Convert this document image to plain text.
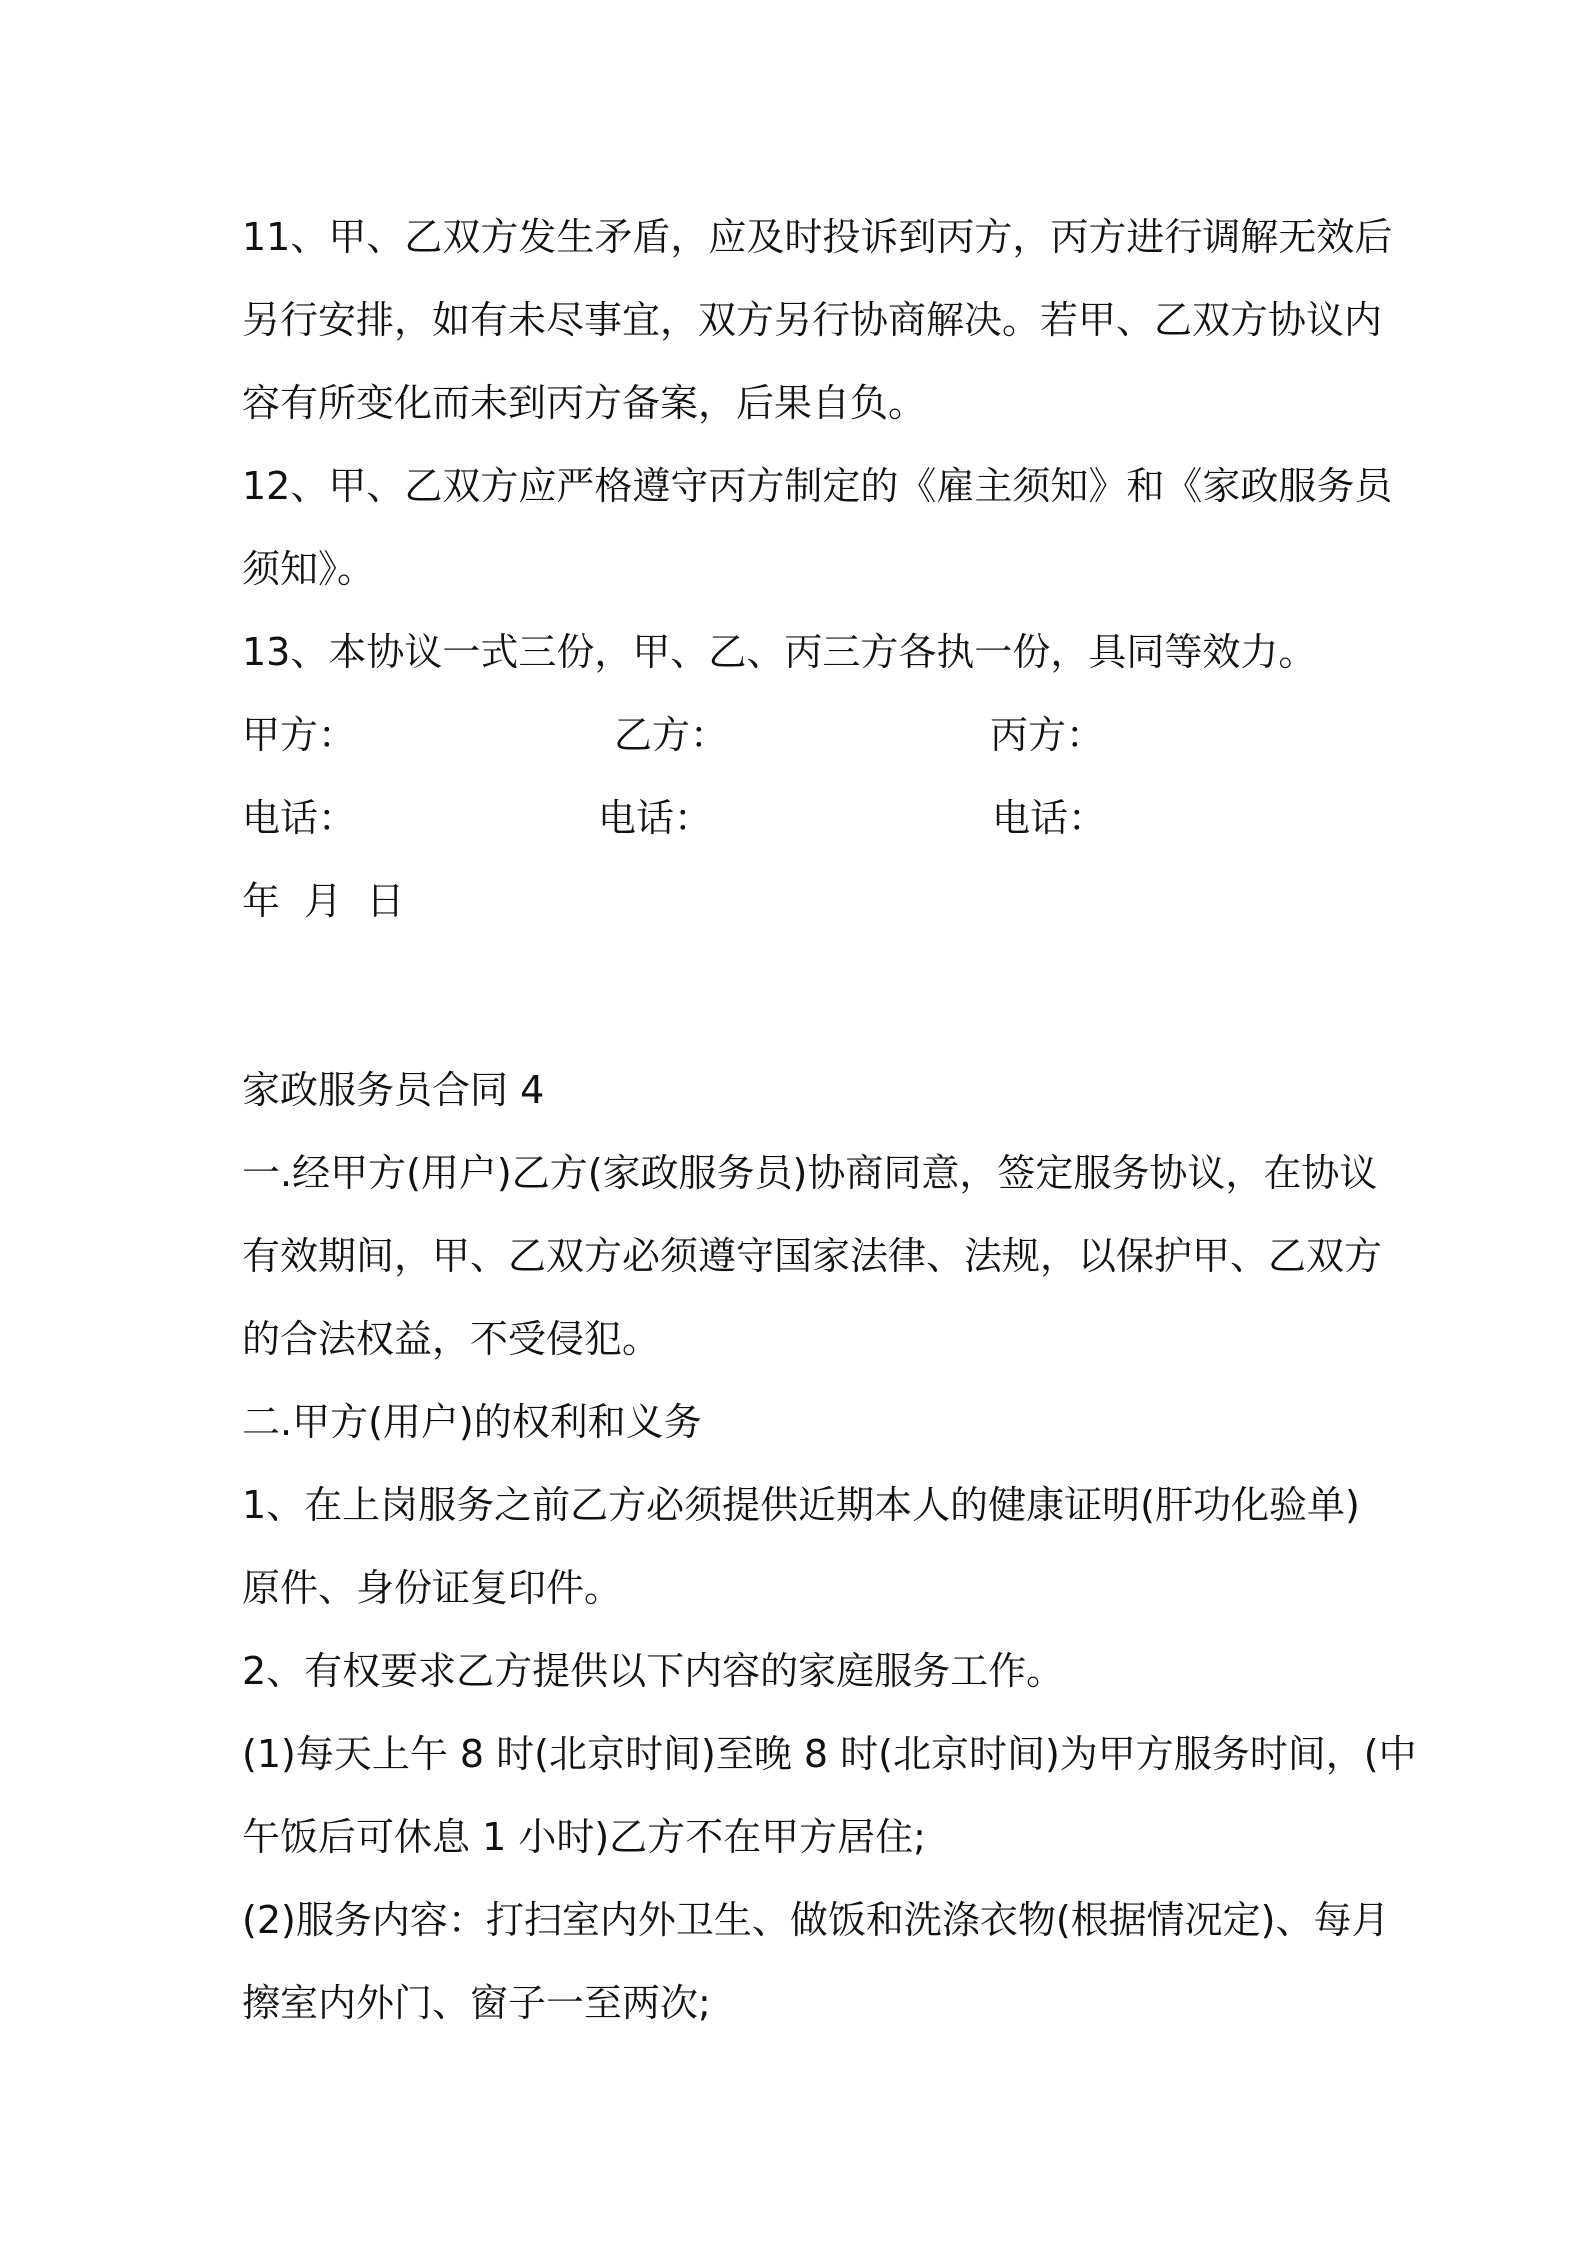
11、甲、乙双方发生矛盾，应及时投诉到丙方，丙方进行调解无效后

另行安排，如有未尽事宜，双方另行协商解决。若甲、乙双方协议内

容有所变化而未到丙方备案，后果自负。

12、甲、乙双方应严格遵守丙方制定的《雇主须知》和《家政服务员

须知》。

13、本协议一式三份，甲、乙、丙三方各执一份，具同等效力。

甲方：	乙方：	丙方：
电话：	电话：	电话：
年  月  日

家政服务员合同 4

一.经甲方(用户)乙方(家政服务员)协商同意，签定服务协议，在协议

有效期间，甲、乙双方必须遵守国家法律、法规，以保护甲、乙双方

的合法权益，不受侵犯。

二.甲方(用户)的权利和义务

1、在上岗服务之前乙方必须提供近期本人的健康证明(肝功化验单)

原件、身份证复印件。

2、有权要求乙方提供以下内容的家庭服务工作。

(1)每天上午 8 时(北京时间)至晚 8 时(北京时间)为甲方服务时间，(中

午饭后可休息 1 小时)乙方不在甲方居住;

(2)服务内容：打扫室内外卫生、做饭和洗涤衣物(根据情况定)、每月

擦室内外门、窗子一至两次;
